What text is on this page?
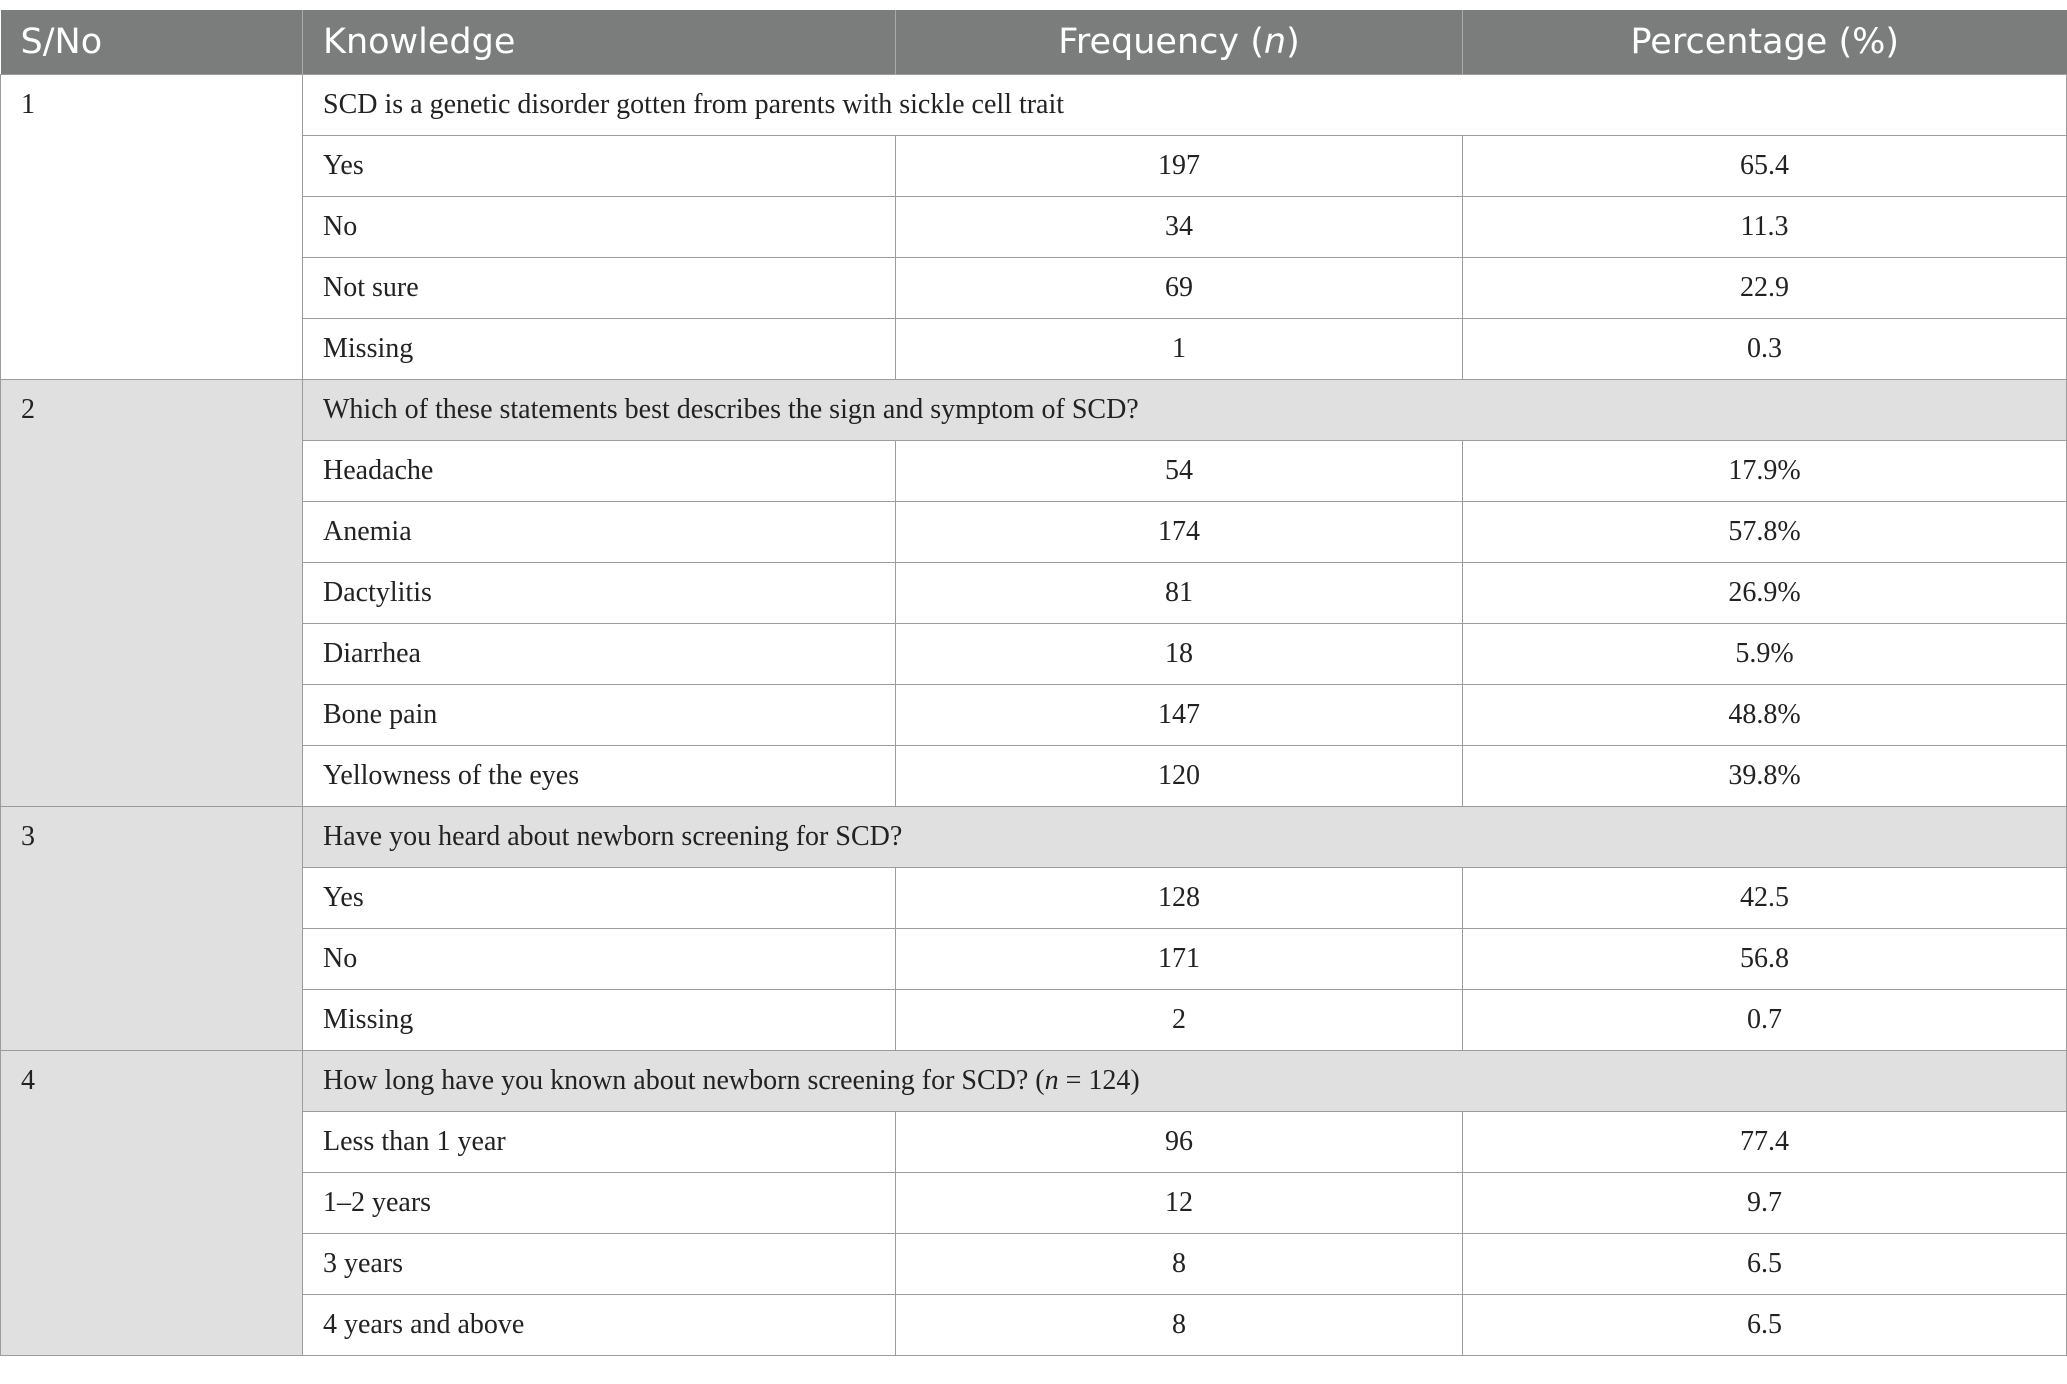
S/No	Knowledge	Frequency (n)	Percentage (%)
1	SCD is a genetic disorder gotten from parents with sickle cell trait		
	Yes	197	65.4
	No	34	11.3
	Not sure	69	22.9
	Missing	1	0.3
2	Which of these statements best describes the sign and symptom of SCD?		
	Headache	54	17.9%
	Anemia	174	57.8%
	Dactylitis	81	26.9%
	Diarrhea	18	5.9%
	Bone pain	147	48.8%
	Yellowness of the eyes	120	39.8%
3	Have you heard about newborn screening for SCD?		
	Yes	128	42.5
	No	171	56.8
	Missing	2	0.7
4	How long have you known about newborn screening for SCD? (n = 124)		
	Less than 1 year	96	77.4
	1–2 years	12	9.7
	3 years	8	6.5
	4 years and above	8	6.5
